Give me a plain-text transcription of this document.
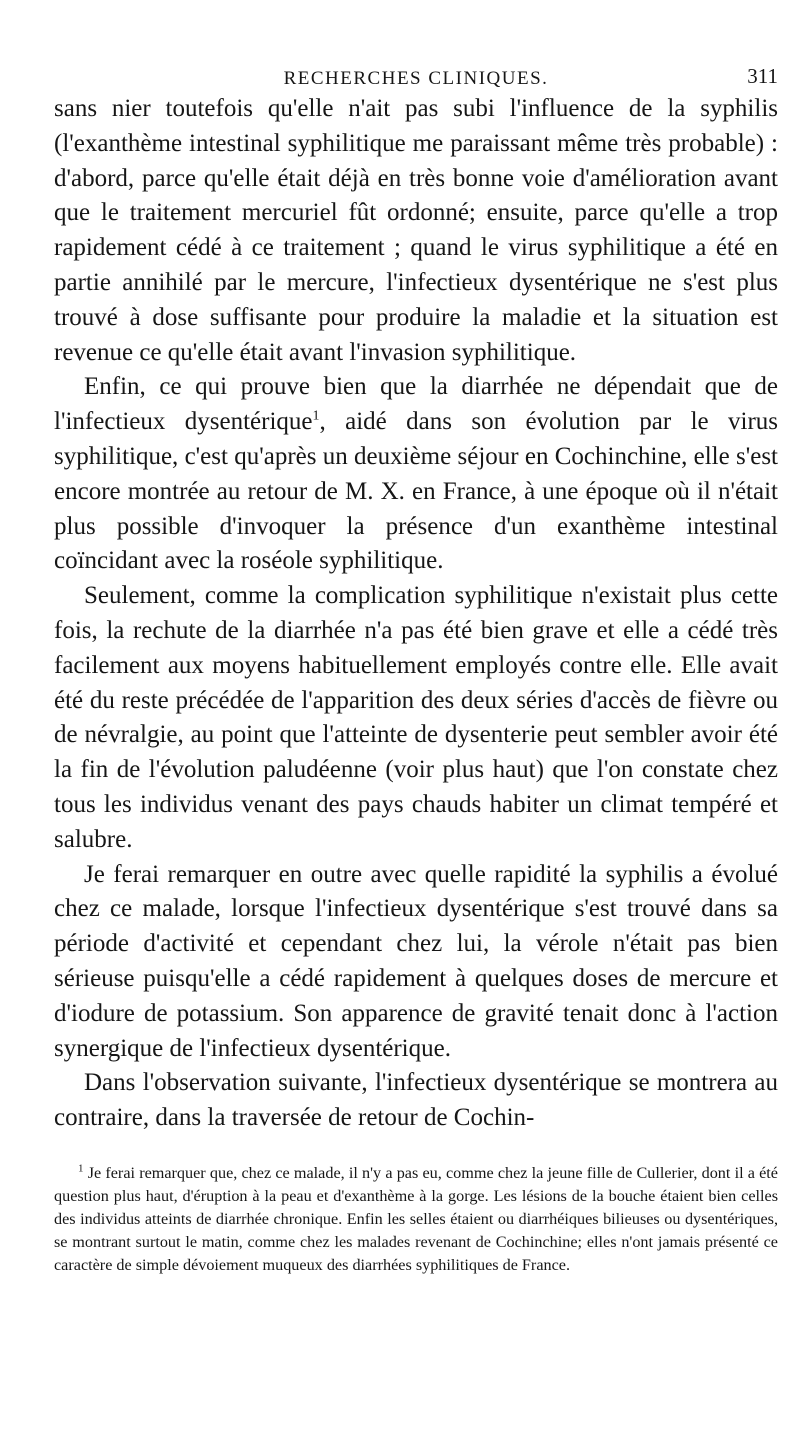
RECHERCHES CLINIQUES.	311

sans nier toutefois qu'elle n'ait pas subi l'influence de la syphilis (l'exanthème intestinal syphilitique me paraissant même très probable) : d'abord, parce qu'elle était déjà en très bonne voie d'amélioration avant que le traitement mercuriel fût ordonné; ensuite, parce qu'elle a trop rapidement cédé à ce traitement ; quand le virus syphilitique a été en partie annihilé par le mercure, l'infectieux dysentérique ne s'est plus trouvé à dose suffisante pour produire la maladie et la situation est revenue ce qu'elle était avant l'invasion syphilitique.

Enfin, ce qui prouve bien que la diarrhée ne dépendait que de l'infectieux dysentérique$^1$, aidé dans son évolution par le virus syphilitique, c'est qu'après un deuxième séjour en Cochinchine, elle s'est encore montrée au retour de M. X. en France, à une époque où il n'était plus possible d'invoquer la présence d'un exanthème intestinal coïncidant avec la roséole syphilitique.

Seulement, comme la complication syphilitique n'existait plus cette fois, la rechute de la diarrhée n'a pas été bien grave et elle a cédé très facilement aux moyens habituellement employés contre elle. Elle avait été du reste précédée de l'apparition des deux séries d'accès de fièvre ou de névralgie, au point que l'atteinte de dysenterie peut sembler avoir été la fin de l'évolution paludéenne (voir plus haut) que l'on constate chez tous les individus venant des pays chauds habiter un climat tempéré et salubre.

Je ferai remarquer en outre avec quelle rapidité la syphilis a évolué chez ce malade, lorsque l'infectieux dysentérique s'est trouvé dans sa période d'activité et cependant chez lui, la vérole n'était pas bien sérieuse puisqu'elle a cédé rapidement à quelques doses de mercure et d'iodure de potassium. Son apparence de gravité tenait donc à l'action synergique de l'infectieux dysentérique.

Dans l'observation suivante, l'infectieux dysentérique se montrera au contraire, dans la traversée de retour de Cochin-

$^1$ Je ferai remarquer que, chez ce malade, il n'y a pas eu, comme chez la jeune fille de Cullerier, dont il a été question plus haut, d'éruption à la peau et d'exanthème à la gorge. Les lésions de la bouche étaient bien celles des individus atteints de diarrhée chronique. Enfin les selles étaient ou diarrhéiques bilieuses ou dysentériques, se montrant surtout le matin, comme chez les malades revenant de Cochinchine; elles n'ont jamais présenté ce caractère de simple dévoiement muqueux des diarrhées syphilitiques de France.
